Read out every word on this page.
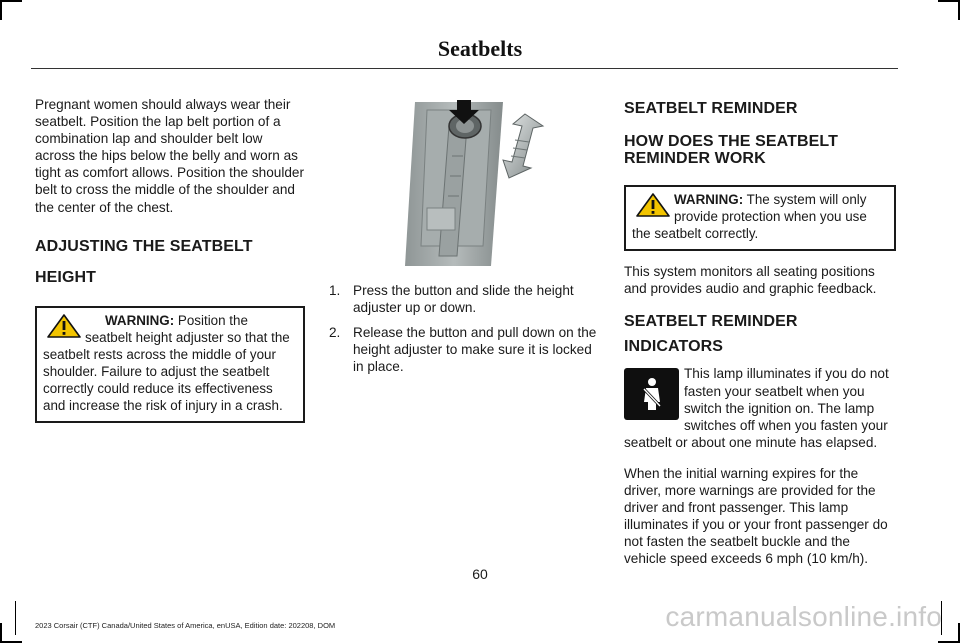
Seatbelts

Pregnant women should always wear their seatbelt. Position the lap belt portion of a combination lap and shoulder belt low across the hips below the belly and worn as tight as comfort allows. Position the shoulder belt to cross the middle of the shoulder and the center of the chest.

ADJUSTING THE SEATBELT
HEIGHT
WARNING: Position the seatbelt height adjuster so that the seatbelt rests across the middle of your shoulder. Failure to adjust the seatbelt correctly could reduce its effectiveness and increase the risk of injury in a crash.
1. Press the button and slide the height adjuster up or down.
2. Release the button and pull down on the height adjuster to make sure it is locked in place.
SEATBELT REMINDER
HOW DOES THE SEATBELT REMINDER WORK
WARNING: The system will only provide protection when you use the seatbelt correctly.

This system monitors all seating positions and provides audio and graphic feedback.

SEATBELT REMINDER INDICATORS

This lamp illuminates if you do not fasten your seatbelt when you switch the ignition on. The lamp switches off when you fasten your seatbelt or about one minute has elapsed.

When the initial warning expires for the driver, more warnings are provided for the driver and front passenger. This lamp illuminates if you or your front passenger do not fasten the seatbelt buckle and the vehicle speed exceeds 6 mph (10 km/h).

60
2023 Corsair (CTF) Canada/United States of America, enUSA, Edition date: 202208, DOM	carmanualsonline.info
